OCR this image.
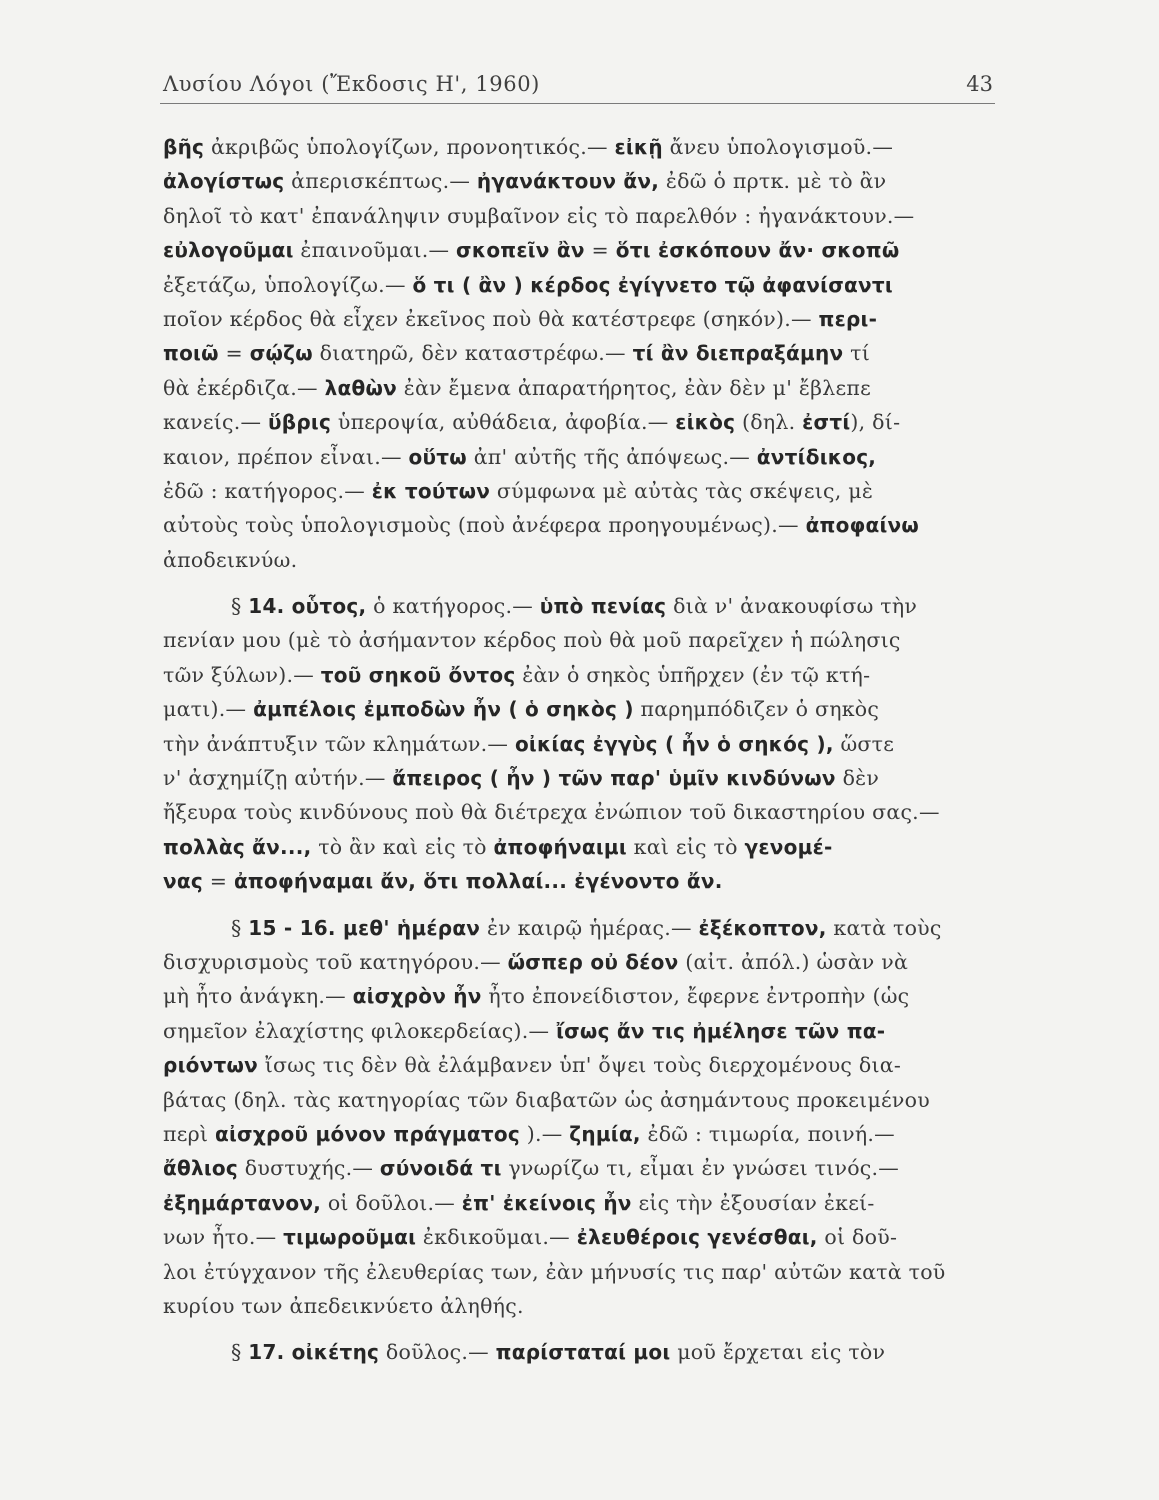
Λυσίου Λόγοι (Ἔκδοσις Η', 1960)	43
βῆς ἀκριβῶς ὑπολογίζων, προνοητικός.— εἰκῇ ἄνευ ὑπολογισμοῦ.—
ἀλογίστως ἀπερισκέπτως.— ἠγανάκτουν ἄν, ἐδῶ ὁ πρτκ. μὲ τὸ ἂν
δηλοῖ τὸ κατ' ἐπανάληψιν συμβαῖνον εἰς τὸ παρελθόν : ἠγανάκτουν.—
εὐλογοῦμαι ἐπαινοῦμαι.— σκοπεῖν ἂν = ὅτι ἐσκόπουν ἄν· σκοπῶ
ἐξετάζω, ὑπολογίζω.— ὅ τι ( ἂν ) κέρδος ἐγίγνετο τῷ ἀφανίσαντι
ποῖον κέρδος θὰ εἶχεν ἐκεῖνος ποὺ θὰ κατέστρεφε (σηκόν).— περι-
ποιῶ = σῴζω διατηρῶ, δὲν καταστρέφω.— τί ἂν διεπραξάμην τί
θὰ ἐκέρδιζα.— λαθὼν ἐὰν ἔμενα ἀπαρατήρητος, ἐὰν δὲν μ' ἔβλεπε
κανείς.— ὕβρις ὑπεροψία, αὐθάδεια, ἀφοβία.— εἰκὸς (δηλ. ἐστί), δί-
καιον, πρέπον εἶναι.— οὕτω ἀπ' αὐτῆς τῆς ἀπόψεως.— ἀντίδικος,
ἐδῶ : κατήγορος.— ἐκ τούτων σύμφωνα μὲ αὐτὰς τὰς σκέψεις, μὲ
αὐτοὺς τοὺς ὑπολογισμοὺς (ποὺ ἀνέφερα προηγουμένως).— ἀποφαίνω
ἀποδεικνύω.
§ 14. οὗτος, ὁ κατήγορος.— ὑπὸ πενίας διὰ ν' ἀνακουφίσω τὴν
πενίαν μου (μὲ τὸ ἀσήμαντον κέρδος ποὺ θὰ μοῦ παρεῖχεν ἡ πώλησις
τῶν ξύλων).— τοῦ σηκοῦ ὄντος ἐὰν ὁ σηκὸς ὑπῆρχεν (ἐν τῷ κτή-
ματι).— ἀμπέλοις ἐμποδὼν ἦν ( ὁ σηκὸς ) παρημπόδιζεν ὁ σηκὸς
τὴν ἀνάπτυξιν τῶν κλημάτων.— οἰκίας ἐγγὺς ( ἦν ὁ σηκός ), ὥστε
ν' ἀσχημίζῃ αὐτήν.— ἄπειρος ( ἦν ) τῶν παρ' ὑμῖν κινδύνων δὲν
ἤξευρα τοὺς κινδύνους ποὺ θὰ διέτρεχα ἐνώπιον τοῦ δικαστηρίου σας.—
πολλὰς ἄν..., τὸ ἂν καὶ εἰς τὸ ἀποφήναιμι καὶ εἰς τὸ γενομέ-
νας = ἀποφήναμαι ἄν, ὅτι πολλαί... ἐγένοντο ἄν.
§ 15 - 16. μεθ' ἡμέραν ἐν καιρῷ ἡμέρας.— ἐξέκοπτον, κατὰ τοὺς
δισχυρισμοὺς τοῦ κατηγόρου.— ὥσπερ οὐ δέον (αἰτ. ἀπόλ.) ὡσὰν νὰ
μὴ ἦτο ἀνάγκη.— αἰσχρὸν ἦν ἦτο ἐπονείδιστον, ἔφερνε ἐντροπὴν (ὡς
σημεῖον ἐλαχίστης φιλοκερδείας).— ἴσως ἄν τις ἠμέλησε τῶν πα-
ριόντων ἴσως τις δὲν θὰ ἐλάμβανεν ὑπ' ὄψει τοὺς διερχομένους δια-
βάτας (δηλ. τὰς κατηγορίας τῶν διαβατῶν ὡς ἀσημάντους προκειμένου
περὶ αἰσχροῦ μόνον πράγματος ).— ζημία, ἐδῶ : τιμωρία, ποινή.—
ἄθλιος δυστυχής.— σύνοιδά τι γνωρίζω τι, εἶμαι ἐν γνώσει τινός.—
ἐξημάρτανον, οἱ δοῦλοι.— ἐπ' ἐκείνοις ἦν εἰς τὴν ἐξουσίαν ἐκεί-
νων ἦτο.— τιμωροῦμαι ἐκδικοῦμαι.— ἐλευθέροις γενέσθαι, οἱ δοῦ-
λοι ἐτύγχανον τῆς ἐλευθερίας των, ἐὰν μήνυσίς τις παρ' αὐτῶν κατὰ τοῦ
κυρίου των ἀπεδεικνύετο ἀληθής.
§ 17. οἰκέτης δοῦλος.— παρίσταταί μοι μοῦ ἔρχεται εἰς τὸν
